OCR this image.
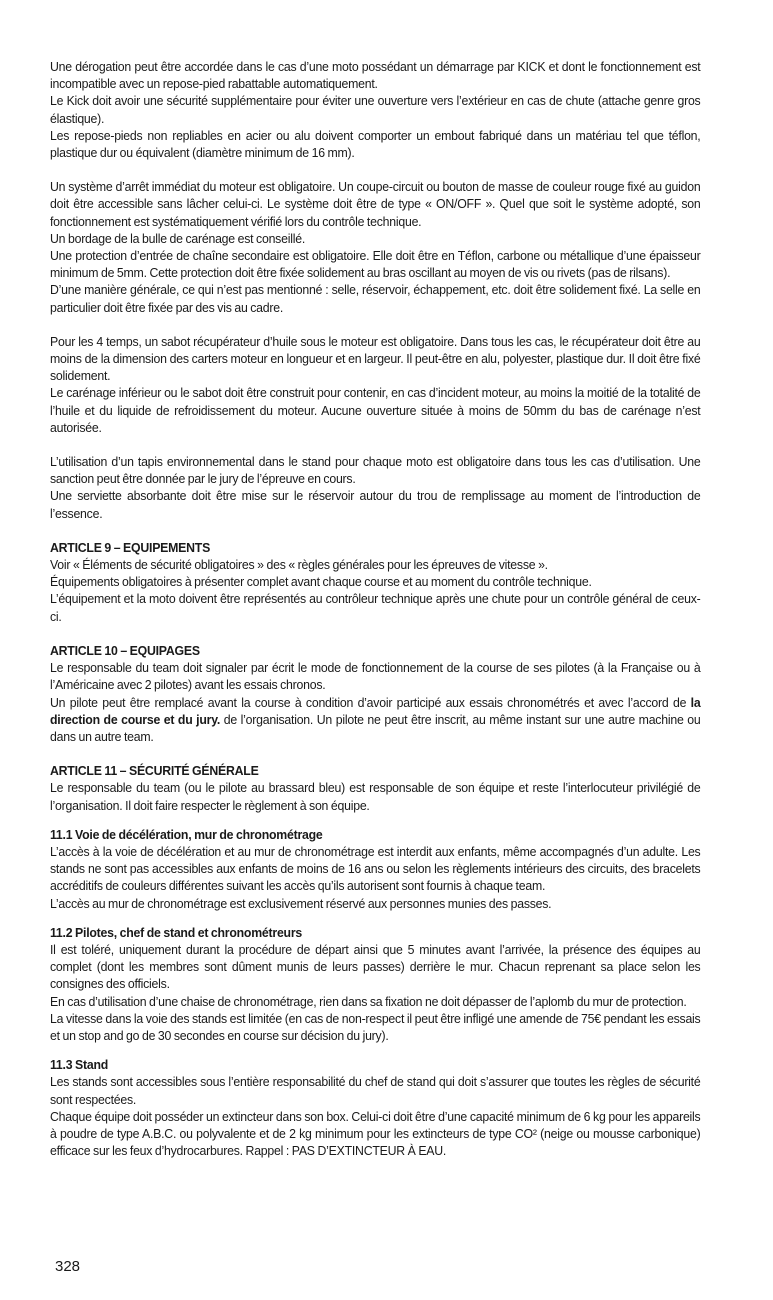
Une dérogation peut être accordée dans le cas d’une moto possédant un démarrage par KICK et dont le fonctionnement est incompatible avec un repose-pied rabattable automatiquement.

Le Kick doit avoir une sécurité supplémentaire pour éviter une ouverture vers l’extérieur en cas de chute (attache genre gros élastique).

Les repose-pieds non repliables en acier ou alu doivent comporter un embout fabriqué dans un matériau tel que téflon, plastique dur ou équivalent (diamètre minimum de 16 mm).

Un système d’arrêt immédiat du moteur est obligatoire. Un coupe-circuit ou bouton de masse de couleur rouge fixé au guidon doit être accessible sans lâcher celui-ci. Le système doit être de type « ON/OFF ». Quel que soit le système adopté, son fonctionnement est systématiquement vérifié lors du contrôle technique.

Un bordage de la bulle de carénage est conseillé.

Une protection d’entrée de chaîne secondaire est obligatoire. Elle doit être en Téflon, carbone ou métallique d’une épaisseur minimum de 5mm. Cette protection doit être fixée solidement au bras oscillant au moyen de vis ou rivets (pas de rilsans).

D’une manière générale, ce qui n’est pas mentionné : selle, réservoir, échappement, etc. doit être solidement fixé. La selle en particulier doit être fixée par des vis au cadre.

Pour les 4 temps, un sabot récupérateur d’huile sous le moteur est obligatoire. Dans tous les cas, le récupérateur doit être au moins de la dimension des carters moteur en longueur et en largeur. Il peut-être en alu, polyester, plastique dur. Il doit être fixé solidement.

Le carénage inférieur ou le sabot doit être construit pour contenir, en cas d’incident moteur, au moins la moitié de la totalité de l’huile et du liquide de refroidissement du moteur. Aucune ouverture située à moins de 50mm du bas de carénage n’est autorisée.

L’utilisation d’un tapis environnemental dans le stand pour chaque moto est obligatoire dans tous les cas d’utilisation. Une sanction peut être donnée par le jury de l’épreuve en cours.

Une serviette absorbante doit être mise sur le réservoir autour du trou de remplissage au moment de l’introduction de l’essence.

ARTICLE 9 – EQUIPEMENTS

Voir « Éléments de sécurité obligatoires » des « règles générales pour les épreuves de vitesse ».

Équipements obligatoires à présenter complet avant chaque course et au moment du contrôle technique.

L’équipement et la moto doivent être représentés au contrôleur technique après une chute pour un contrôle général de ceux-ci.

ARTICLE 10 – EQUIPAGES

Le responsable du team doit signaler par écrit le mode de fonctionnement de la course de ses pilotes (à la Française ou à l’Américaine avec 2 pilotes) avant les essais chronos.

Un pilote peut être remplacé avant la course à condition d’avoir participé aux essais chronométrés et avec l’accord de la direction de course et du jury. de l’organisation. Un pilote ne peut être inscrit, au même instant sur une autre machine ou dans un autre team.

ARTICLE 11 – SÉCURITÉ GÉNÉRALE

Le responsable du team (ou le pilote au brassard bleu) est responsable de son équipe et reste l’interlocuteur privilégié de l’organisation. Il doit faire respecter le règlement à son équipe.

11.1 Voie de décélération, mur de chronométrage

L’accès à la voie de décélération et au mur de chronométrage est interdit aux enfants, même accompagnés d’un adulte. Les stands ne sont pas accessibles aux enfants de moins de 16 ans ou selon les règlements intérieurs des circuits, des bracelets accréditifs de couleurs différentes suivant les accès qu’ils autorisent sont fournis à chaque team.

L’accès au mur de chronométrage est exclusivement réservé aux personnes munies des passes.

11.2 Pilotes, chef de stand et chronométreurs

Il est toléré, uniquement durant la procédure de départ ainsi que 5 minutes avant l’arrivée, la présence des équipes au complet (dont les membres sont dûment munis de leurs passes) derrière le mur. Chacun reprenant sa place selon les consignes des officiels.

En cas d’utilisation d’une chaise de chronométrage, rien dans sa fixation ne doit dépasser de l’aplomb du mur de protection.

La vitesse dans la voie des stands est limitée (en cas de non-respect il peut être infligé une amende de 75€ pendant les essais et un stop and go de 30 secondes en course sur décision du jury).

11.3 Stand

Les stands sont accessibles sous l’entière responsabilité du chef de stand qui doit s’assurer que toutes les règles de sécurité sont respectées.

Chaque équipe doit posséder un extincteur dans son box. Celui-ci doit être d’une capacité minimum de 6 kg pour les appareils à poudre de type A.B.C. ou polyvalente et de 2 kg minimum pour les extincteurs de type CO² (neige ou mousse carbonique) efficace sur les feux d’hydrocarbures. Rappel : PAS D’EXTINCTEUR À EAU.

328
